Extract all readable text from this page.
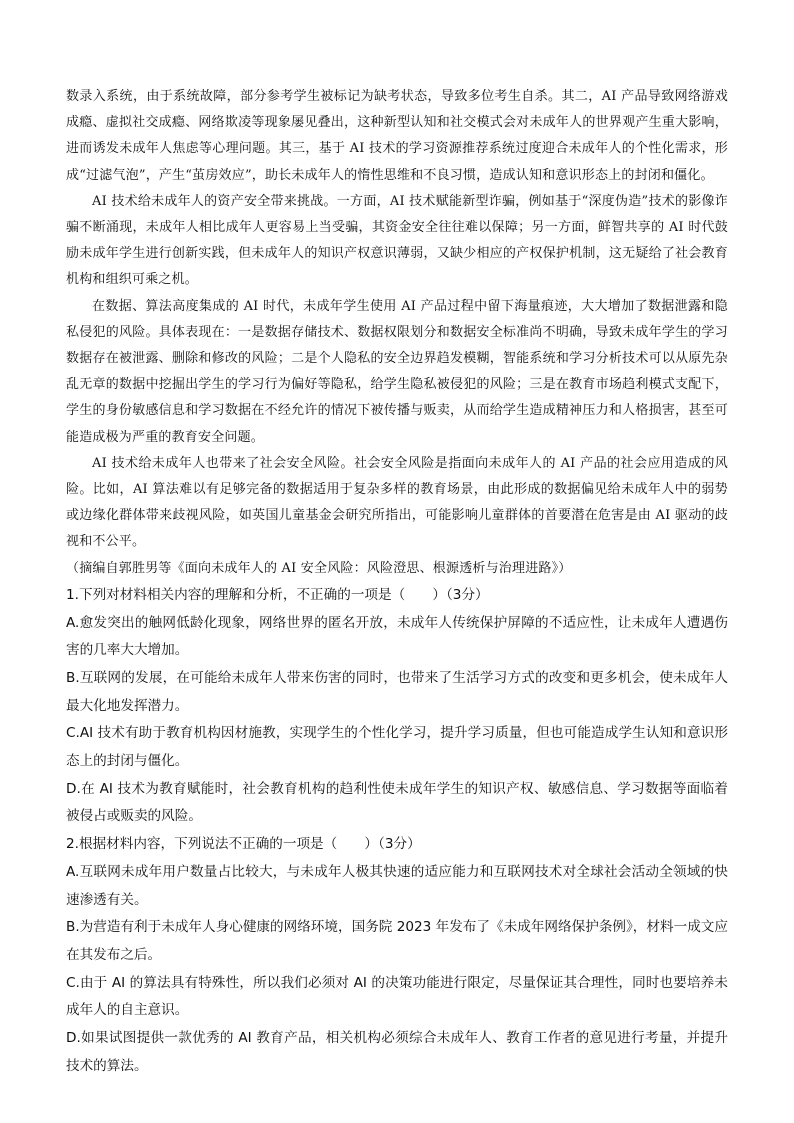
数录入系统，由于系统故障，部分参考学生被标记为缺考状态，导致多位考生自杀。其二，AI 产品导致网络游戏成瘾、虚拟社交成瘾、网络欺凌等现象屡见叠出，这种新型认知和社交模式会对未成年人的世界观产生重大影响，进而诱发未成年人焦虑等心理问题。其三，基于 AI 技术的学习资源推荐系统过度迎合未成年人的个性化需求，形成“过滤气泡”，产生“茧房效应”，助长未成年人的惰性思维和不良习惯，造成认知和意识形态上的封闭和僵化。

AI 技术给未成年人的资产安全带来挑战。一方面，AI 技术赋能新型诈骗，例如基于“深度伪造”技术的影像诈骗不断涌现，未成年人相比成年人更容易上当受骗，其资金安全往往难以保障；另一方面，鲜智共享的 AI 时代鼓励未成年学生进行创新实践，但未成年人的知识产权意识薄弱，又缺少相应的产权保护机制，这无疑给了社会教育机构和组织可乘之机。

在数据、算法高度集成的 AI 时代，未成年学生使用 AI 产品过程中留下海量痕迹，大大增加了数据泄露和隐私侵犯的风险。具体表现在：一是数据存储技术、数据权限划分和数据安全标准尚不明确，导致未成年学生的学习数据存在被泄露、删除和修改的风险；二是个人隐私的安全边界趋发模糊，智能系统和学习分析技术可以从原先杂乱无章的数据中挖掘出学生的学习行为偏好等隐私，给学生隐私被侵犯的风险；三是在教育市场趋利模式支配下，学生的身份敏感信息和学习数据在不经允许的情况下被传播与贩卖，从而给学生造成精神压力和人格损害，甚至可能造成极为严重的教育安全问题。

AI 技术给未成年人也带来了社会安全风险。社会安全风险是指面向未成年人的 AI 产品的社会应用造成的风险。比如，AI 算法难以有足够完备的数据适用于复杂多样的教育场景，由此形成的数据偏见给未成年人中的弱势或边缘化群体带来歧视风险，如英国儿童基金会研究所指出，可能影响儿童群体的首要潜在危害是由 AI 驱动的歧视和不公平。

（摘编自郭胜男等《面向未成年人的 AI 安全风险：风险澄思、根源透析与治理进路》）

1.下列对材料相关内容的理解和分析，不正确的一项是（　　）（3分）

A.愈发突出的触网低龄化现象，网络世界的匿名开放，未成年人传统保护屏障的不适应性，让未成年人遭遇伤害的几率大大增加。

B.互联网的发展，在可能给未成年人带来伤害的同时，也带来了生活学习方式的改变和更多机会，使未成年人最大化地发挥潜力。

C.AI 技术有助于教育机构因材施教，实现学生的个性化学习，提升学习质量，但也可能造成学生认知和意识形态上的封闭与僵化。

D.在 AI 技术为教育赋能时，社会教育机构的趋利性使未成年学生的知识产权、敏感信息、学习数据等面临着被侵占或贩卖的风险。

2.根据材料内容，下列说法不正确的一项是（　　）（3分）

A.互联网未成年用户数量占比较大，与未成年人极其快速的适应能力和互联网技术对全球社会活动全领域的快速渗透有关。

B.为营造有利于未成年人身心健康的网络环境，国务院 2023 年发布了《未成年网络保护条例》，材料一成文应在其发布之后。

C.由于 AI 的算法具有特殊性，所以我们必须对 AI 的决策功能进行限定，尽量保证其合理性，同时也要培养未成年人的自主意识。

D.如果试图提供一款优秀的 AI 教育产品，相关机构必须综合未成年人、教育工作者的意见进行考量，并提升技术的算法。
